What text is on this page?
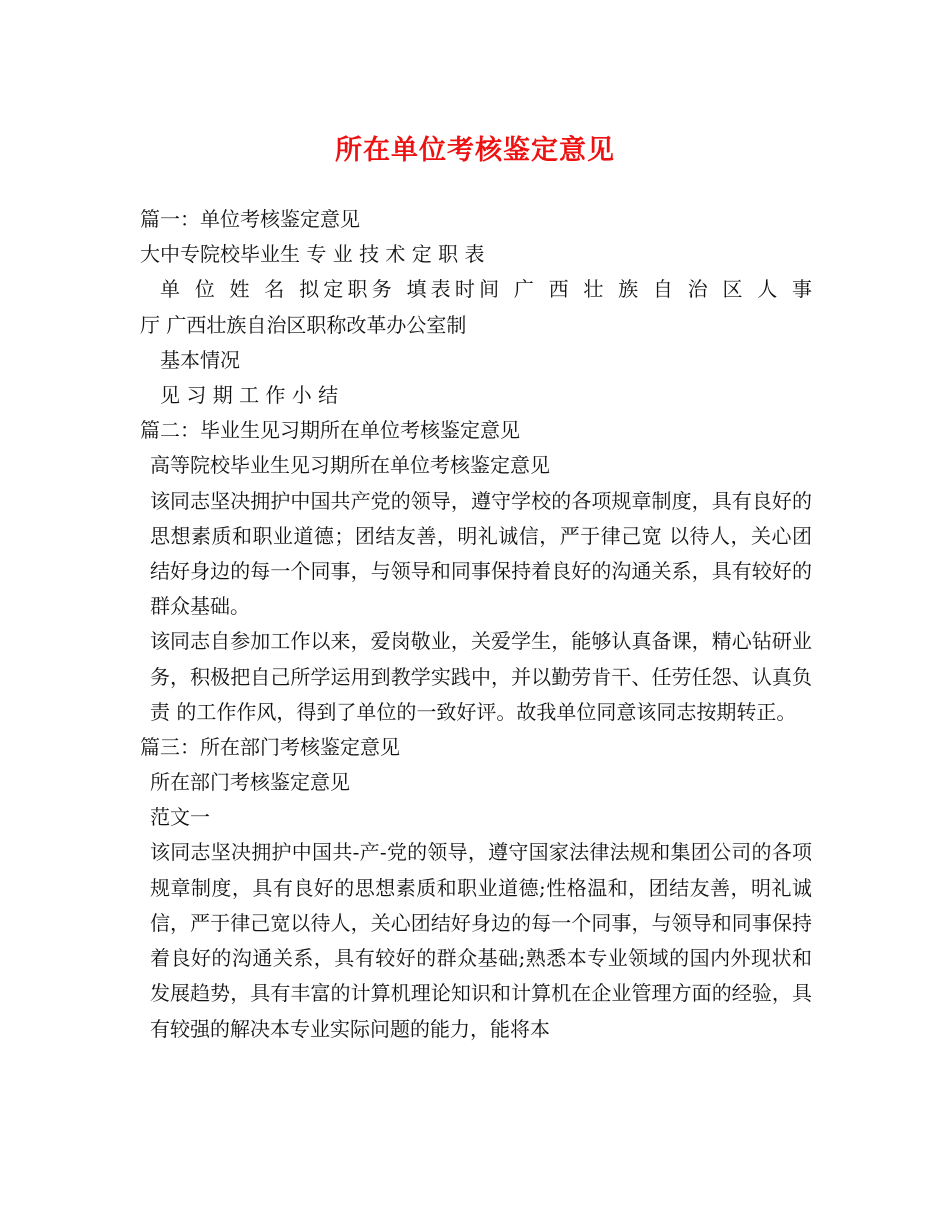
所在单位考核鉴定意见
篇一：单位考核鉴定意见
大中专院校毕业生 专 业 技 术 定 职 表
单 位 姓 名 拟定职务 填表时间 广 西 壮 族 自 治 区 人 事
厅 广西壮族自治区职称改革办公室制
基本情况
见 习 期 工 作 小 结
篇二：毕业生见习期所在单位考核鉴定意见
高等院校毕业生见习期所在单位考核鉴定意见
该同志坚决拥护中国共产党的领导，遵守学校的各项规章制度，具有良好的思想素质和职业道德；团结友善，明礼诚信，严于律己宽 以待人，关心团结好身边的每一个同事，与领导和同事保持着良好的沟通关系，具有较好的群众基础。
该同志自参加工作以来，爱岗敬业，关爱学生，能够认真备课，精心钻研业务，积极把自己所学运用到教学实践中，并以勤劳肯干、任劳任怨、认真负责 的工作作风，得到了单位的一致好评。故我单位同意该同志按期转正。
篇三：所在部门考核鉴定意见
所在部门考核鉴定意见
范文一
该同志坚决拥护中国共-产-党的领导，遵守国家法律法规和集团公司的各项规章制度，具有良好的思想素质和职业道德;性格温和，团结友善，明礼诚信，严于律己宽以待人，关心团结好身边的每一个同事，与领导和同事保持着良好的沟通关系，具有较好的群众基础;熟悉本专业领域的国内外现状和发展趋势，具有丰富的计算机理论知识和计算机在企业管理方面的经验，具有较强的解决本专业实际问题的能力，能将本
